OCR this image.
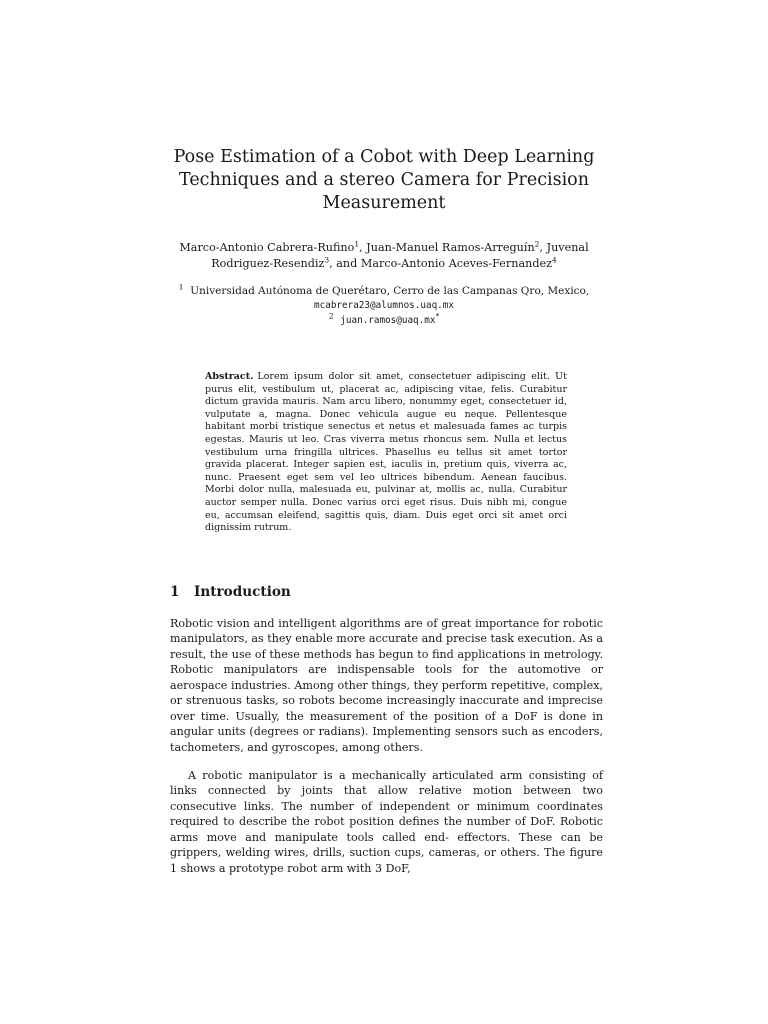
Pose Estimation of a Cobot with Deep Learning Techniques and a stereo Camera for Precision Measurement

Marco-Antonio Cabrera-Rufino$^1$, Juan-Manuel Ramos-Arreguín$^2$, Juvenal Rodriguez-Resendiz$^3$, and Marco-Antonio Aceves-Fernandez$^4$

$^1$ Universidad Autónoma de Querétaro, Cerro de las Campanas Qro, Mexico,
mcabrera23@alumnos.uaq.mx
$^2$ juan.ramos@uaq.mx*

Abstract. Lorem ipsum dolor sit amet, consectetuer adipiscing elit. Ut purus elit, vestibulum ut, placerat ac, adipiscing vitae, felis. Curabitur dictum gravida mauris. Nam arcu libero, nonummy eget, consectetuer id, vulputate a, magna. Donec vehicula augue eu neque. Pellentesque habitant morbi tristique senectus et netus et malesuada fames ac turpis egestas. Mauris ut leo. Cras viverra metus rhoncus sem. Nulla et lectus vestibulum urna fringilla ultrices. Phasellus eu tellus sit amet tortor gravida placerat. Integer sapien est, iaculis in, pretium quis, viverra ac, nunc. Praesent eget sem vel leo ultrices bibendum. Aenean faucibus. Morbi dolor nulla, malesuada eu, pulvinar at, mollis ac, nulla. Curabitur auctor semper nulla. Donec varius orci eget risus. Duis nibh mi, congue eu, accumsan eleifend, sagittis quis, diam. Duis eget orci sit amet orci dignissim rutrum.

1 Introduction

Robotic vision and intelligent algorithms are of great importance for robotic manipulators, as they enable more accurate and precise task execution. As a result, the use of these methods has begun to find applications in metrology. Robotic manipulators are indispensable tools for the automotive or aerospace industries. Among other things, they perform repetitive, complex, or strenuous tasks, so robots become increasingly inaccurate and imprecise over time. Usually, the measurement of the position of a DoF is done in angular units (degrees or radians). Implementing sensors such as encoders, tachometers, and gyroscopes, among others.

A robotic manipulator is a mechanically articulated arm consisting of links connected by joints that allow relative motion between two consecutive links. The number of independent or minimum coordinates required to describe the robot position defines the number of DoF. Robotic arms move and manipulate tools called end- effectors. These can be grippers, welding wires, drills, suction cups, cameras, or others. The figure 1 shows a prototype robot arm with 3 DoF,
